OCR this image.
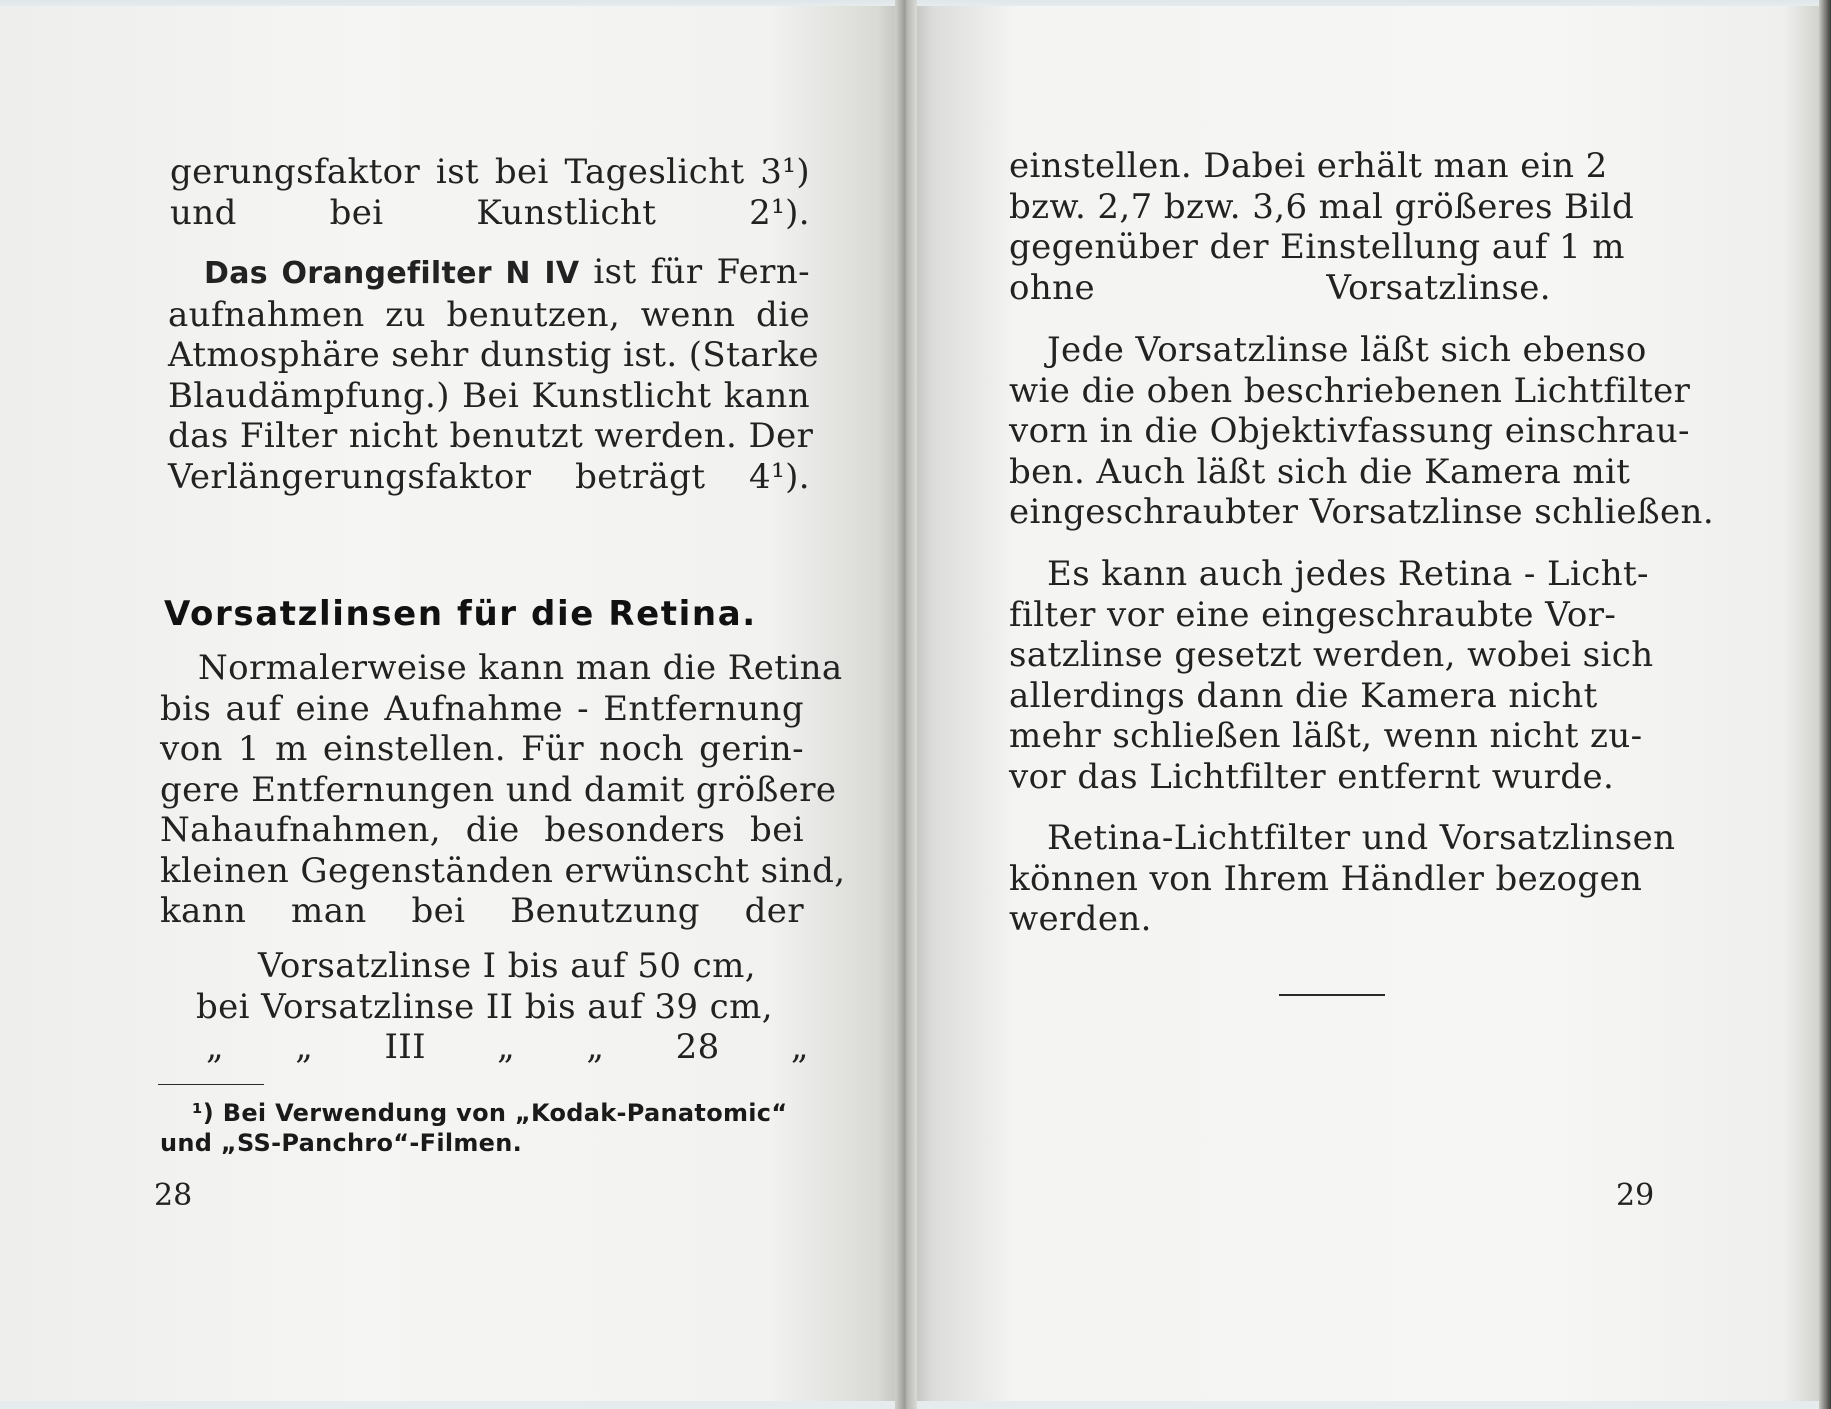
gerungsfaktor ist bei Tageslicht 3¹)
und bei Kunstlicht 2¹).
Das Orangefilter N IV ist für Fern-
aufnahmen zu benutzen, wenn die
Atmosphäre sehr dunstig ist. (Starke
Blaudämpfung.) Bei Kunstlicht kann
das Filter nicht benutzt werden. Der
Verlängerungsfaktor beträgt 4¹).
Vorsatzlinsen für die Retina.
Normalerweise kann man die Retina
bis auf eine Aufnahme - Entfernung
von 1 m einstellen. Für noch gerin-
gere Entfernungen und damit größere
Nahaufnahmen, die besonders bei
kleinen Gegenständen erwünscht sind,
kann man bei Benutzung der
Vorsatzlinse I bis auf 50 cm,
bei Vorsatzlinse II bis auf 39 cm,
„ „ III „ „ 28 „
¹) Bei Verwendung von „Kodak-Panatomic“
und „SS-Panchro“-Filmen.
28
einstellen. Dabei erhält man ein 2
bzw. 2,7 bzw. 3,6 mal größeres Bild
gegenüber der Einstellung auf 1 m
ohne Vorsatzlinse.
Jede Vorsatzlinse läßt sich ebenso
wie die oben beschriebenen Lichtfilter
vorn in die Objektivfassung einschrau-
ben. Auch läßt sich die Kamera mit
eingeschraubter Vorsatzlinse schließen.
Es kann auch jedes Retina - Licht-
filter vor eine eingeschraubte Vor-
satzlinse gesetzt werden, wobei sich
allerdings dann die Kamera nicht
mehr schließen läßt, wenn nicht zu-
vor das Lichtfilter entfernt wurde.
Retina-Lichtfilter und Vorsatzlinsen
können von Ihrem Händler bezogen
werden.
29
